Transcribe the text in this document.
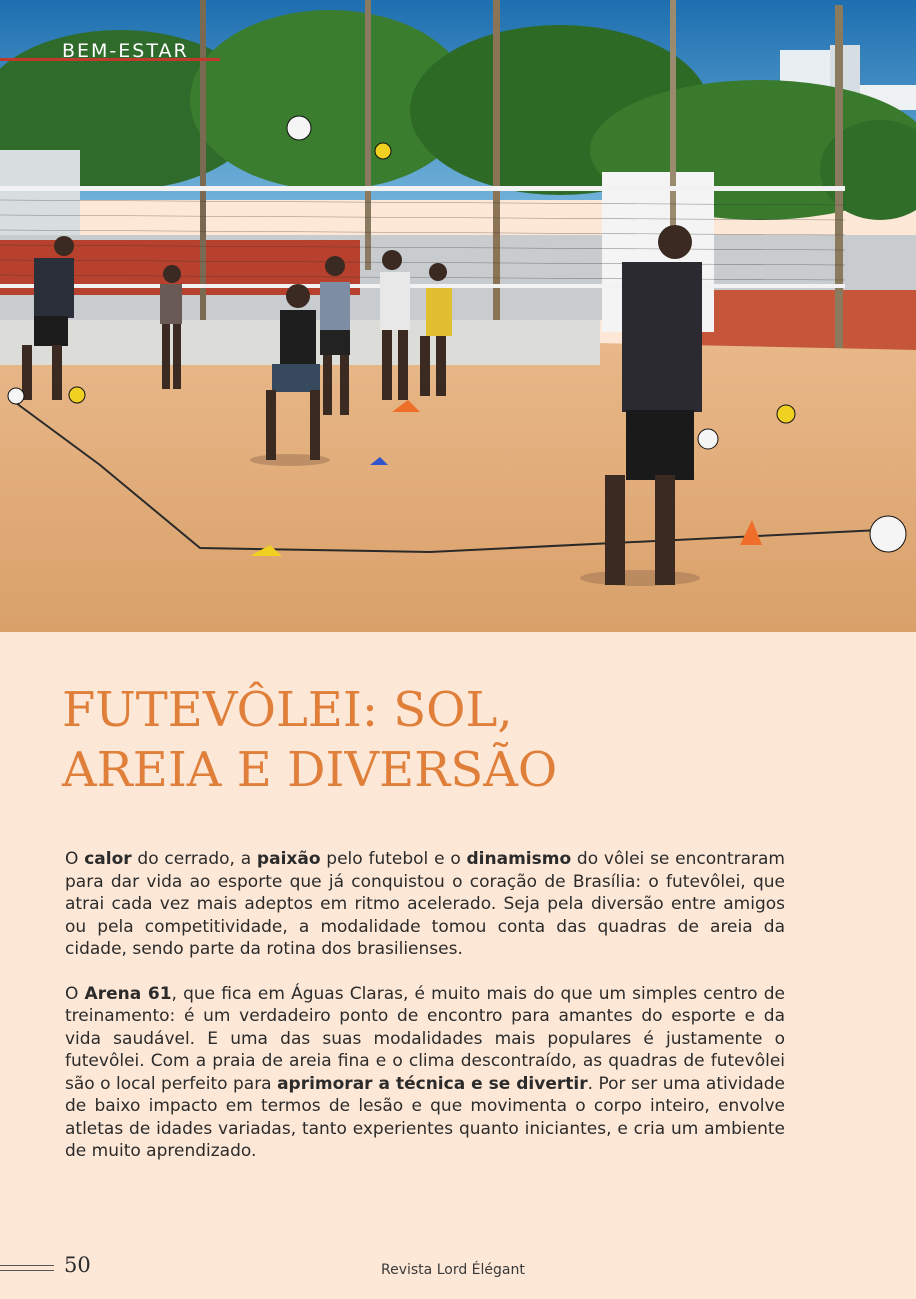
BEM-ESTAR
FUTEVÔLEI: SOL,
AREIA E DIVERSÃO

O calor do cerrado, a paixão pelo futebol e o dinamismo do vôlei se encontraram para dar vida ao esporte que já conquistou o coração de Brasília: o futevôlei, que atrai cada vez mais adeptos em ritmo acelerado. Seja pela diversão entre amigos ou pela competitividade, a modalidade tomou conta das quadras de areia da cidade, sendo parte da rotina dos brasilienses.

O Arena 61, que fica em Águas Claras, é muito mais do que um simples centro de treinamento: é um verdadeiro ponto de encontro para amantes do esporte e da vida saudável. E uma das suas modalidades mais populares é justamente o futevôlei. Com a praia de areia fina e o clima descontraído, as quadras de futevôlei são o local perfeito para aprimorar a técnica e se divertir. Por ser uma atividade de baixo impacto em termos de lesão e que movimenta o corpo inteiro, envolve atletas de idades variadas, tanto experientes quanto iniciantes, e cria um ambiente de muito aprendizado.

50	Revista Lord Élégant
